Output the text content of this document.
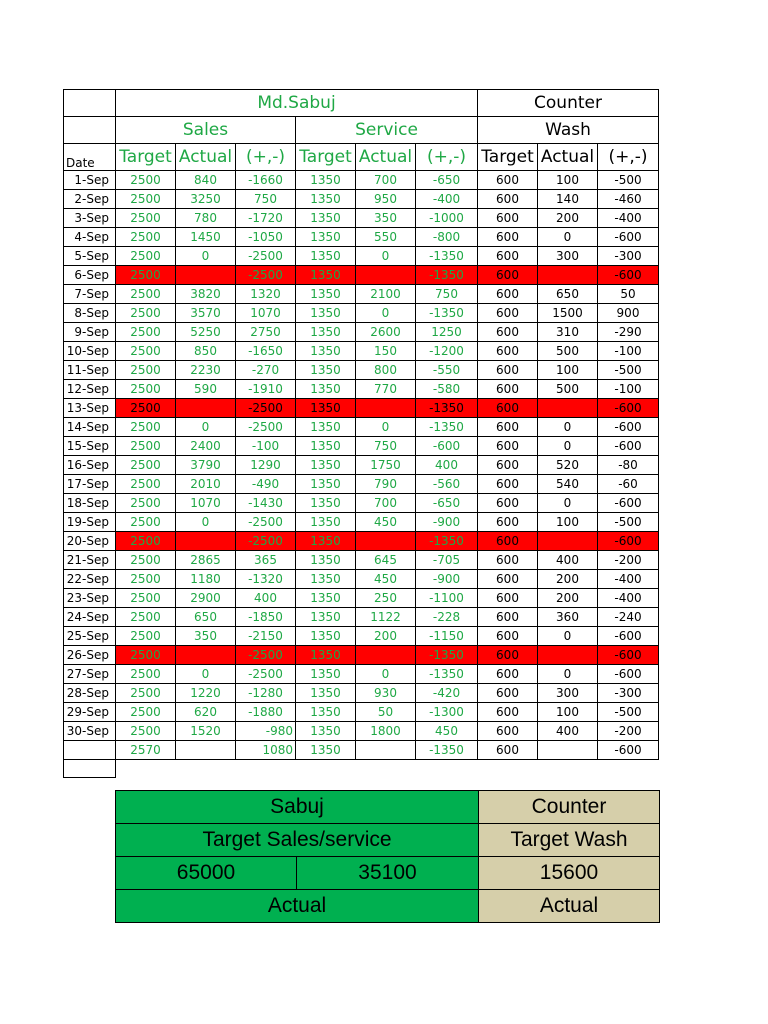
	Md.Sabuj						Counter		
	Sales			Service			Wash		
Date	Target	Actual	(+,-)	Target	Actual	(+,-)	Target	Actual	(+,-)
1-Sep	2500	840	-1660	1350	700	-650	600	100	-500
2-Sep	2500	3250	750	1350	950	-400	600	140	-460
3-Sep	2500	780	-1720	1350	350	-1000	600	200	-400
4-Sep	2500	1450	-1050	1350	550	-800	600	0	-600
5-Sep	2500	0	-2500	1350	0	-1350	600	300	-300
6-Sep	2500		-2500	1350		-1350	600		-600
7-Sep	2500	3820	1320	1350	2100	750	600	650	50
8-Sep	2500	3570	1070	1350	0	-1350	600	1500	900
9-Sep	2500	5250	2750	1350	2600	1250	600	310	-290
10-Sep	2500	850	-1650	1350	150	-1200	600	500	-100
11-Sep	2500	2230	-270	1350	800	-550	600	100	-500
12-Sep	2500	590	-1910	1350	770	-580	600	500	-100
13-Sep	2500		-2500	1350		-1350	600		-600
14-Sep	2500	0	-2500	1350	0	-1350	600	0	-600
15-Sep	2500	2400	-100	1350	750	-600	600	0	-600
16-Sep	2500	3790	1290	1350	1750	400	600	520	-80
17-Sep	2500	2010	-490	1350	790	-560	600	540	-60
18-Sep	2500	1070	-1430	1350	700	-650	600	0	-600
19-Sep	2500	0	-2500	1350	450	-900	600	100	-500
20-Sep	2500		-2500	1350		-1350	600		-600
21-Sep	2500	2865	365	1350	645	-705	600	400	-200
22-Sep	2500	1180	-1320	1350	450	-900	600	200	-400
23-Sep	2500	2900	400	1350	250	-1100	600	200	-400
24-Sep	2500	650	-1850	1350	1122	-228	600	360	-240
25-Sep	2500	350	-2150	1350	200	-1150	600	0	-600
26-Sep	2500		-2500	1350		-1350	600		-600
27-Sep	2500	0	-2500	1350	0	-1350	600	0	-600
28-Sep	2500	1220	-1280	1350	930	-420	600	300	-300
29-Sep	2500	620	-1880	1350	50	-1300	600	100	-500
30-Sep	2500	1520	-980	1350	1800	450	600	400	-200
	2570		1080	1350		-1350	600		-600

Sabuj		Counter
Target Sales/service		Target Wash
65000	35100	15600
Actual		Actual
